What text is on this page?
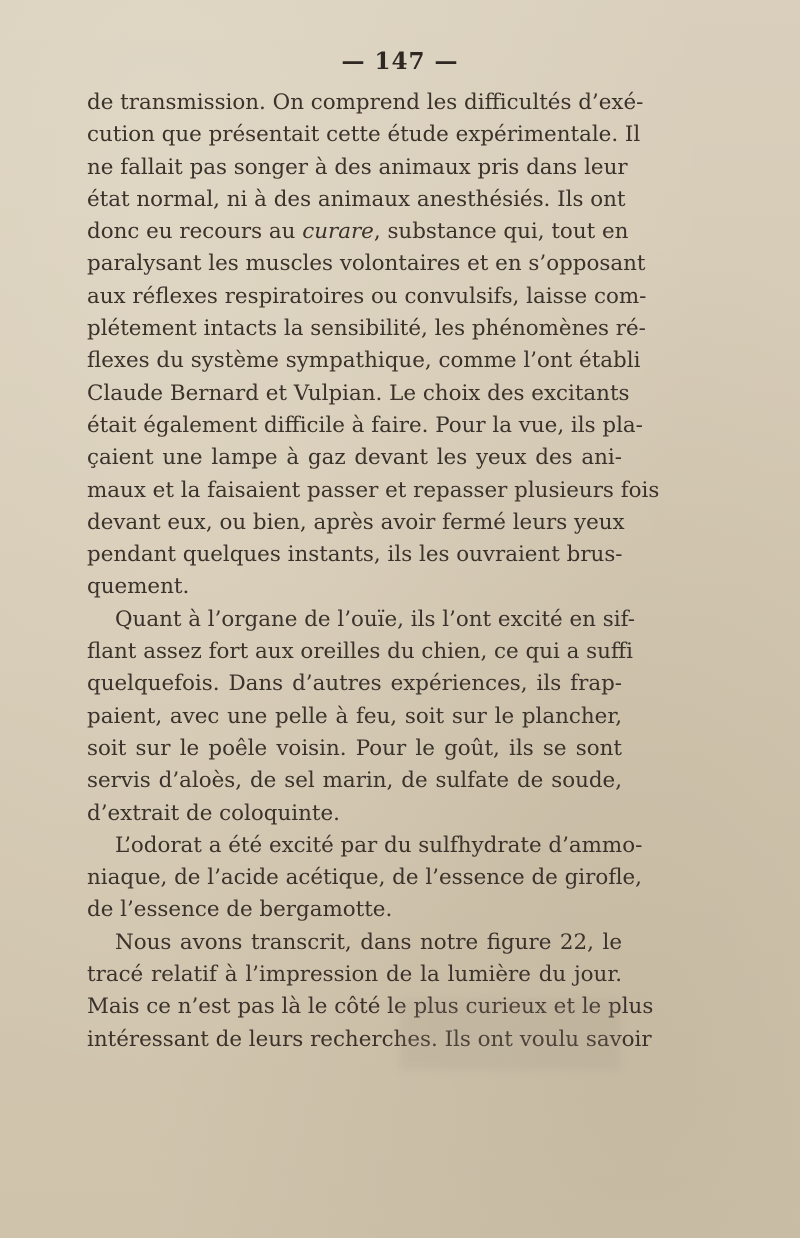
— 147 —
de transmission. On comprend les difficultés d’exé-
cution que présentait cette étude expérimentale. Il
ne fallait pas songer à des animaux pris dans leur
état normal, ni à des animaux anesthésiés. Ils ont
donc eu recours au curare, substance qui, tout en
paralysant les muscles volontaires et en s’opposant
aux réflexes respiratoires ou convulsifs, laisse com-
plétement intacts la sensibilité, les phénomènes ré-
flexes du système sympathique, comme l’ont établi
Claude Bernard et Vulpian. Le choix des excitants
était également difficile à faire. Pour la vue, ils pla-
çaient une lampe à gaz devant les yeux des ani-
maux et la faisaient passer et repasser plusieurs fois
devant eux, ou bien, après avoir fermé leurs yeux
pendant quelques instants, ils les ouvraient brus-
quement.
Quant à l’organe de l’ouïe, ils l’ont excité en sif-
flant assez fort aux oreilles du chien, ce qui a suffi
quelquefois. Dans d’autres expériences, ils frap-
paient, avec une pelle à feu, soit sur le plancher,
soit sur le poêle voisin. Pour le goût, ils se sont
servis d’aloès, de sel marin, de sulfate de soude,
d’extrait de coloquinte.
L’odorat a été excité par du sulfhydrate d’ammo-
niaque, de l’acide acétique, de l’essence de girofle,
de l’essence de bergamotte.
Nous avons transcrit, dans notre figure 22, le
tracé relatif à l’impression de la lumière du jour.
Mais ce n’est pas là le côté le plus curieux et le plus
intéressant de leurs recherches. Ils ont voulu savoir
